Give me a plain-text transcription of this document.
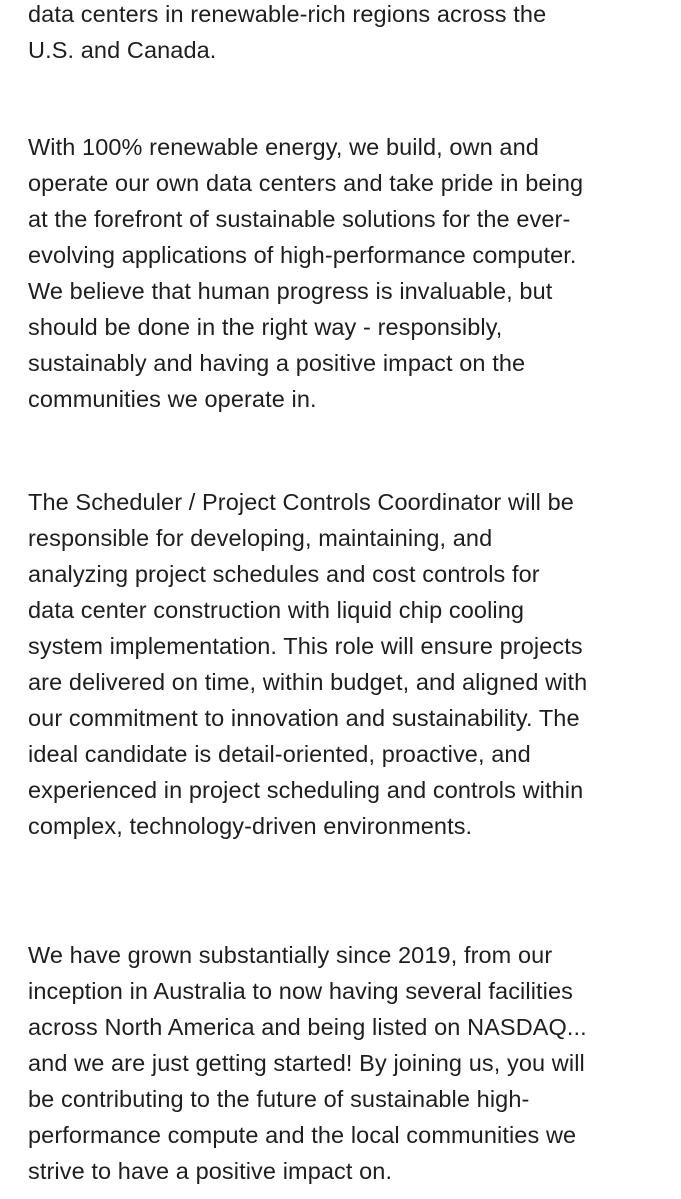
data centers in renewable-rich regions across the
U.S. and Canada.

With 100% renewable energy, we build, own and
operate our own data centers and take pride in being
at the forefront of sustainable solutions for the ever-
evolving applications of high-performance computer.
We believe that human progress is invaluable, but
should be done in the right way - responsibly,
sustainably and having a positive impact on the
communities we operate in.

The Scheduler / Project Controls Coordinator will be
responsible for developing, maintaining, and
analyzing project schedules and cost controls for
data center construction with liquid chip cooling
system implementation. This role will ensure projects
are delivered on time, within budget, and aligned with
our commitment to innovation and sustainability. The
ideal candidate is detail-oriented, proactive, and
experienced in project scheduling and controls within
complex, technology-driven environments.

We have grown substantially since 2019, from our
inception in Australia to now having several facilities
across North America and being listed on NASDAQ...
and we are just getting started! By joining us, you will
be contributing to the future of sustainable high-
performance compute and the local communities we
strive to have a positive impact on.
